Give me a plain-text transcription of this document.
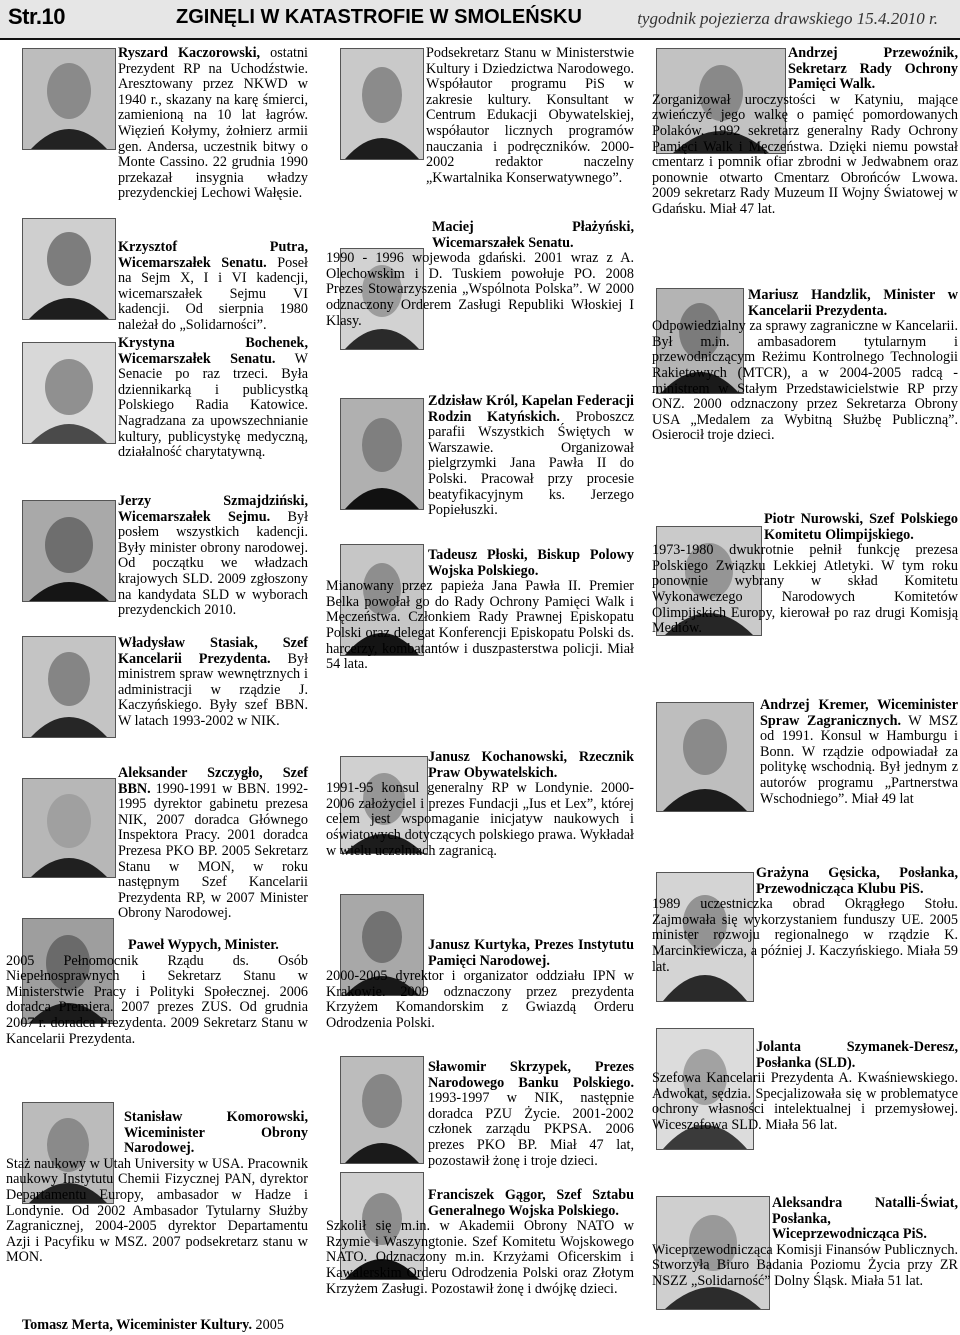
Str.10	ZGINĘLI W KATASTROFIE W SMOLEŃSKU	tygodnik pojezierza drawskiego 15.4.2010 r.
Ryszard Kaczorowski, ostatni Prezydent RP na Uchodźstwie. Aresztowany przez NKWD w 1940 r., skazany na karę śmierci, zamienioną na 10 lat łagrów. Więzień Kołymy, żołnierz armii gen. Andersa, uczestnik bitwy o Monte Cassino. 22 grudnia 1990 przekazał insygnia władzy prezydenckiej Lechowi Wałęsie.
Krzysztof Putra, Wicemarszałek Senatu. Poseł na Sejm X, I i VI kadencji, wicemarszałek Sejmu VI kadencji. Od sierpnia 1980 należał do „Solidarności”.
Krystyna Bochenek, Wicemarszałek Senatu. W Senacie po raz trzeci. Była dziennikarką i publicystką Polskiego Radia Katowice. Nagradzana za upowszechnianie kultury, publicystykę medyczną, działalność charytatywną.
Jerzy Szmajdziński, Wicemarszałek Sejmu. Był posłem wszystkich kadencji. Były minister obrony narodowej. Od początku we władzach krajowych SLD. 2009 zgłoszony na kandydata SLD w wyborach prezydenckich 2010.
Władysław Stasiak, Szef Kancelarii Prezydenta. Był ministrem spraw wewnętrznych i administracji w rządzie J. Kaczyńskiego. Były szef BBN. W latach 1993-2002 w NIK.
Aleksander Szczygło, Szef BBN. 1990-1991 w BBN. 1992-1995 dyrektor gabinetu prezesa NIK, 2007 doradca Głównego Inspektora Pracy. 2001 doradca Prezesa PKO BP. 2005 Sekretarz Stanu w MON, w roku następnym Szef Kancelarii Prezydenta RP, w 2007 Minister Obrony Narodowej.
Paweł Wypych, Minister.
2005 Pełnomocnik Rządu ds. Osób Niepełnosprawnych i Sekretarz Stanu w Ministerstwie Pracy i Polityki Społecznej. 2006 doradca Premiera. 2007 prezes ZUS. Od grudnia 2007 r. doradca Prezydenta. 2009 Sekretarz Stanu w Kancelarii Prezydenta.
Stanisław Komorowski, Wiceminister Obrony Narodowej.
Staż naukowy w Utah University w USA. Pracownik naukowy Instytutu Chemii Fizycznej PAN, dyrektor Departamentu Europy, ambasador w Hadze i Londynie. Od 2002 Ambasador Tytularny Służby Zagranicznej, 2004-2005 dyrektor Departamentu Azji i Pacyfiku w MSZ. 2007 podsekretarz stanu w MON.
Tomasz Merta, Wiceminister Kultury. 2005
Podsekretarz Stanu w Ministerstwie Kultury i Dziedzictwa Narodowego. Współautor programu PiS w zakresie kultury. Konsultant w Centrum Edukacji Obywatelskiej, współautor licznych programów nauczania i podręczników. 2000-2002 redaktor naczelny „Kwartalnika Konserwatywnego”.
Maciej Płażyński, Wicemarszałek Senatu.
1990 - 1996 wojewoda gdański. 2001 wraz z A. Olechowskim i D. Tuskiem powołuje PO. 2008 Prezes Stowarzyszenia „Wspólnota Polska”. W 2000 odznaczony Orderem Zasługi Republiki Włoskiej I Klasy.
Zdzisław Król, Kapelan Federacji Rodzin Katyńskich. Proboszcz parafii Wszystkich Świętych w Warszawie. Organizował pielgrzymki Jana Pawła II do Polski. Pracował przy procesie beatyfikacyjnym ks. Jerzego Popiełuszki.
Tadeusz Płoski, Biskup Polowy Wojska Polskiego.
Mianowany przez papieża Jana Pawła II. Premier Belka powołał go do Rady Ochrony Pamięci Walk i Męczeństwa. Członkiem Rady Prawnej Episkopatu Polski oraz delegat Konferencji Episkopatu Polski ds. harcerzy, kombatantów i duszpasterstwa policji. Miał 54 lata.
Janusz Kochanowski, Rzecznik Praw Obywatelskich.
1991-95 konsul generalny RP w Londynie. 2000-2006 założyciel i prezes Fundacji „Ius et Lex”, której celem jest wspomaganie inicjatyw naukowych i oświatowych dotyczących polskiego prawa. Wykładał w wielu uczelniach zagranicą.
Janusz Kurtyka, Prezes Instytutu Pamięci Narodowej.
2000-2005 dyrektor i organizator oddziału IPN w Krakowie. 2009 odznaczony przez prezydenta Krzyżem Komandorskim z Gwiazdą Orderu Odrodzenia Polski.
Sławomir Skrzypek, Prezes Narodowego Banku Polskiego. 1993-1997 w NIK, następnie doradca PZU Życie. 2001-2002 członek zarządu PKPSA. 2006 prezes PKO BP. Miał 47 lat, pozostawił żonę i troje dzieci.
Franciszek Gągor, Szef Sztabu Generalnego Wojska Polskiego.
Szkolił się m.in. w Akademii Obrony NATO w Rzymie i Waszyngtonie. Szef Komitetu Wojskowego NATO. Odznaczony m.in. Krzyżami Oficerskim i Kawalerskim Orderu Odrodzenia Polski oraz Złotym Krzyżem Zasługi. Pozostawił żonę i dwójkę dzieci.
Andrzej Przewoźnik, Sekretarz Rady Ochrony Pamięci Walk.
Zorganizował uroczystości w Katyniu, mające zwieńczyć jego walkę o pamięć pomordowanych Polaków. 1992 sekretarz generalny Rady Ochrony Pamięci Walk i Męczeństwa. Dzięki niemu powstał cmentarz i pomnik ofiar zbrodni w Jedwabnem oraz ponownie otwarto Cmentarz Obrońców Lwowa. 2009 sekretarz Rady Muzeum II Wojny Światowej w Gdańsku. Miał 47 lat.
Mariusz Handzlik, Minister w Kancelarii Prezydenta.
Odpowiedzialny za sprawy zagraniczne w Kancelarii. Był m.in. ambasadorem tytularnym i przewodniczącym Reżimu Kontrolnego Technologii Rakietowych (MTCR), a w 2004-2005 radcą - ministrem w Stałym Przedstawicielstwie RP przy ONZ. 2000 odznaczony przez Sekretarza Obrony USA „Medalem za Wybitną Służbę Publiczną”. Osierocił troje dzieci.
Piotr Nurowski, Szef Polskiego Komitetu Olimpijskiego.
1973-1980 dwukrotnie pełnił funkcję prezesa Polskiego Związku Lekkiej Atletyki. W tym roku ponownie wybrany w skład Komitetu Wykonawczego Narodowych Komitetów Olimpijskich Europy, kierował po raz drugi Komisją Mediów.
Andrzej Kremer, Wiceminister Spraw Zagranicznych. W MSZ od 1991. Konsul w Hamburgu i Bonn. W rządzie odpowiadał za politykę wschodnią. Był jednym z autorów programu „Partnerstwa Wschodniego”. Miał 49 lat
Grażyna Gęsicka, Posłanka, Przewodnicząca Klubu PiS.
1989 uczestniczka obrad Okrągłego Stołu. Zajmowała się wykorzystaniem funduszy UE. 2005 minister rozwoju regionalnego w rządzie K. Marcinkiewicza, a później J. Kaczyńskiego. Miała 59 lat.
Jolanta Szymanek-Deresz, Posłanka (SLD).
Szefowa Kancelarii Prezydenta A. Kwaśniewskiego. Adwokat, sędzia. Specjalizowała się w problematyce ochrony własności intelektualnej i przemysłowej. Wiceszefowa SLD. Miała 56 lat.
Aleksandra Natalli-Świat, Posłanka, Wiceprzewodnicząca PiS.
Wiceprzewodnicząca Komisji Finansów Publicznych. Stworzyła Biuro Badania Poziomu Życia przy ZR NSZZ „Solidarność” Dolny Śląsk. Miała 51 lat.
